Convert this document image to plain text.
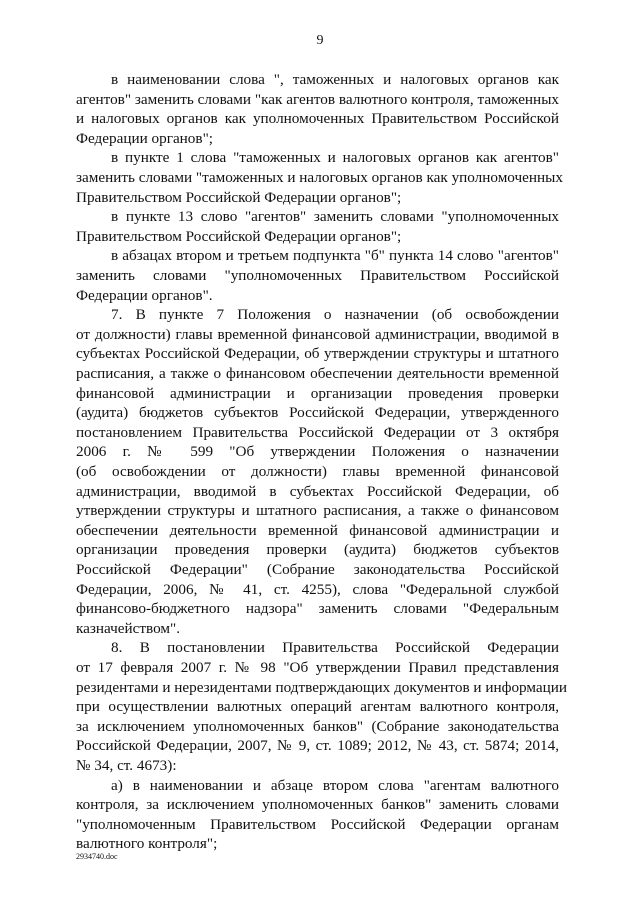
9
в наименовании слова ", таможенных и налоговых органов как
агентов" заменить словами "как агентов валютного контроля, таможенных
и налоговых органов как уполномоченных Правительством Российской
Федерации органов";
в пункте 1 слова "таможенных и налоговых органов как агентов"
заменить словами "таможенных и налоговых органов как уполномоченных
Правительством Российской Федерации органов";
в пункте 13 слово "агентов" заменить словами "уполномоченных
Правительством Российской Федерации органов";
в абзацах втором и третьем подпункта "б" пункта 14 слово "агентов"
заменить словами "уполномоченных Правительством Российской
Федерации органов".
7. В пункте 7 Положения о назначении (об освобождении
от должности) главы временной финансовой администрации, вводимой в
субъектах Российской Федерации, об утверждении структуры и штатного
расписания, а также о финансовом обеспечении деятельности временной
финансовой администрации и организации проведения проверки
(аудита) бюджетов субъектов Российской Федерации, утвержденного
постановлением Правительства Российской Федерации от 3 октября
2006 г. № 599 "Об утверждении Положения о назначении
(об освобождении от должности) главы временной финансовой
администрации, вводимой в субъектах Российской Федерации, об
утверждении структуры и штатного расписания, а также о финансовом
обеспечении деятельности временной финансовой администрации и
организации проведения проверки (аудита) бюджетов субъектов
Российской Федерации" (Собрание законодательства Российской
Федерации, 2006, № 41, ст. 4255), слова "Федеральной службой
финансово-бюджетного надзора" заменить словами "Федеральным
казначейством".
8. В постановлении Правительства Российской Федерации
от 17 февраля 2007 г. № 98 "Об утверждении Правил представления
резидентами и нерезидентами подтверждающих документов и информации
при осуществлении валютных операций агентам валютного контроля,
за исключением уполномоченных банков" (Собрание законодательства
Российской Федерации, 2007, № 9, ст. 1089; 2012, № 43, ст. 5874; 2014,
№ 34, ст. 4673):
а) в наименовании и абзаце втором слова "агентам валютного
контроля, за исключением уполномоченных банков" заменить словами
"уполномоченным Правительством Российской Федерации органам
валютного контроля";
2934740.doc
